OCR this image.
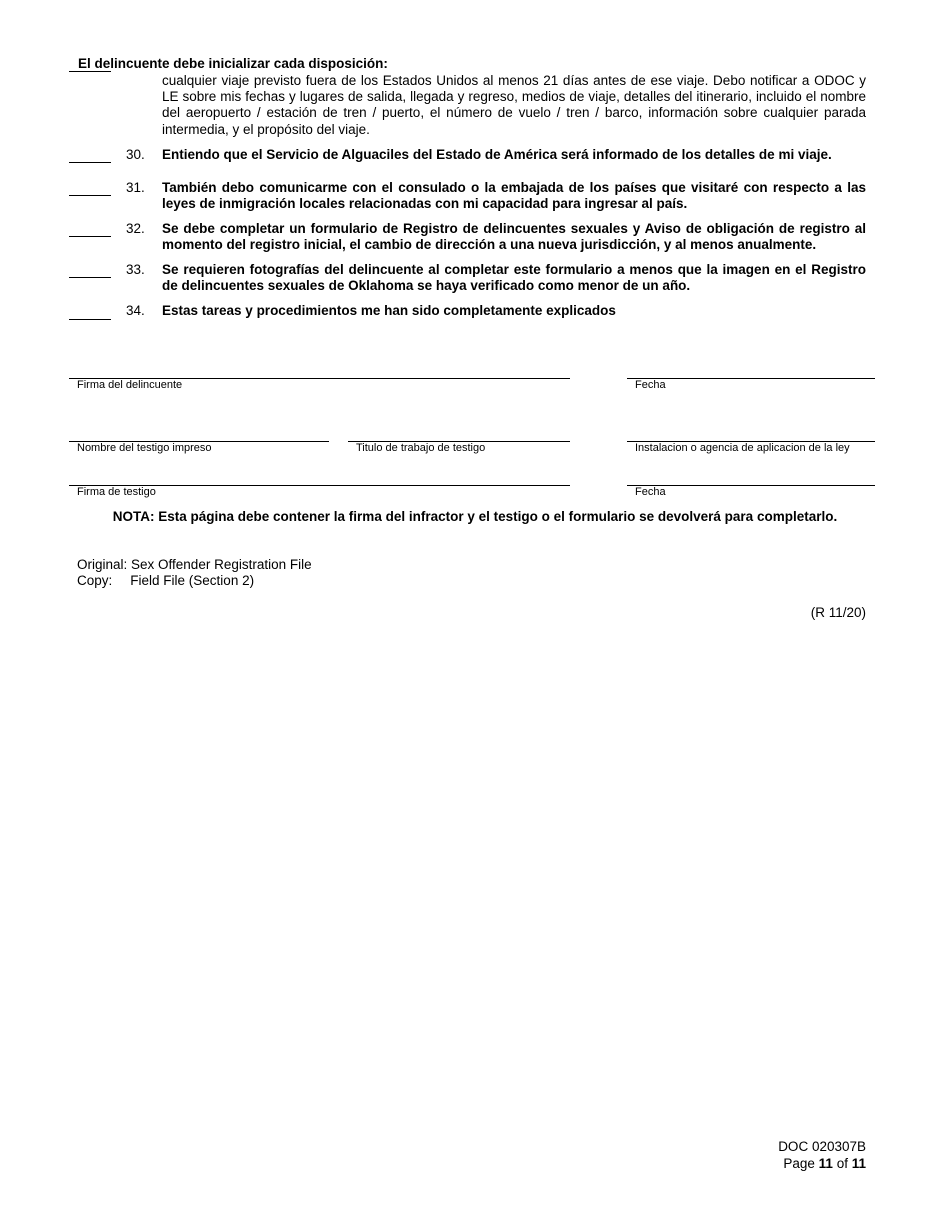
El delincuente debe inicializar cada disposición:
cualquier viaje previsto fuera de los Estados Unidos al menos 21 días antes de ese viaje. Debo notificar a ODOC y LE sobre mis fechas y lugares de salida, llegada y regreso, medios de viaje, detalles del itinerario, incluido el nombre del aeropuerto / estación de tren / puerto, el número de vuelo / tren / barco, información sobre cualquier parada intermedia, y el propósito del viaje.
30. Entiendo que el Servicio de Alguaciles del Estado de América será informado de los detalles de mi viaje.
31. También debo comunicarme con el consulado o la embajada de los países que visitaré con respecto a las leyes de inmigración locales relacionadas con mi capacidad para ingresar al país.
32. Se debe completar un formulario de Registro de delincuentes sexuales y Aviso de obligación de registro al momento del registro inicial, el cambio de dirección a una nueva jurisdicción, y al menos anualmente.
33. Se requieren fotografías del delincuente al completar este formulario a menos que la imagen en el Registro de delincuentes sexuales de Oklahoma se haya verificado como menor de un año.
34. Estas tareas y procedimientos me han sido completamente explicados
Firma del delincuente	Fecha
Nombre del testigo impreso	Titulo de trabajo de testigo	Instalacion o agencia de aplicacion de la ley
Firma de testigo	Fecha
NOTA: Esta página debe contener la firma del infractor y el testigo o el formulario se devolverá para completarlo.
Original: Sex Offender Registration File
Copy: Field File (Section 2)
(R 11/20)
DOC 020307B
Page 11 of 11
